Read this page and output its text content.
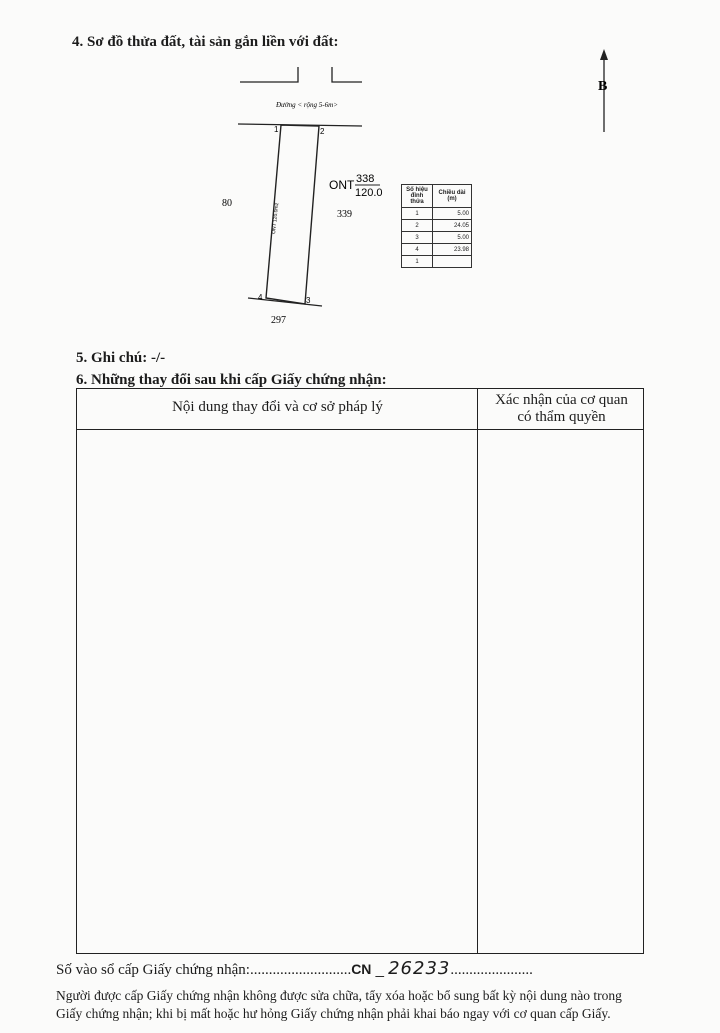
4. Sơ đồ thửa đất, tài sản gắn liền với đất:
Đường < rộng 5-6m>
ONT 120.0m2
1	2
3
4
ONT 338
120.0
80
339
297
B
Số hiệu đỉnh thửa	Chiều dài (m)
1	5.00
2	24.05
3	5.00
4	23.98
1	
5. Ghi chú: -/-
6. Những thay đổi sau khi cấp Giấy chứng nhận:
Nội dung thay đổi và cơ sở pháp lý	Xác nhận của cơ quan
có thẩm quyền
Số vào sổ cấp Giấy chứng nhận:...........................CN _ 26233......................
Người được cấp Giấy chứng nhận không được sửa chữa, tẩy xóa hoặc bổ sung bất kỳ nội dung nào trong
Giấy chứng nhận; khi bị mất hoặc hư hỏng Giấy chứng nhận phải khai báo ngay với cơ quan cấp Giấy.
